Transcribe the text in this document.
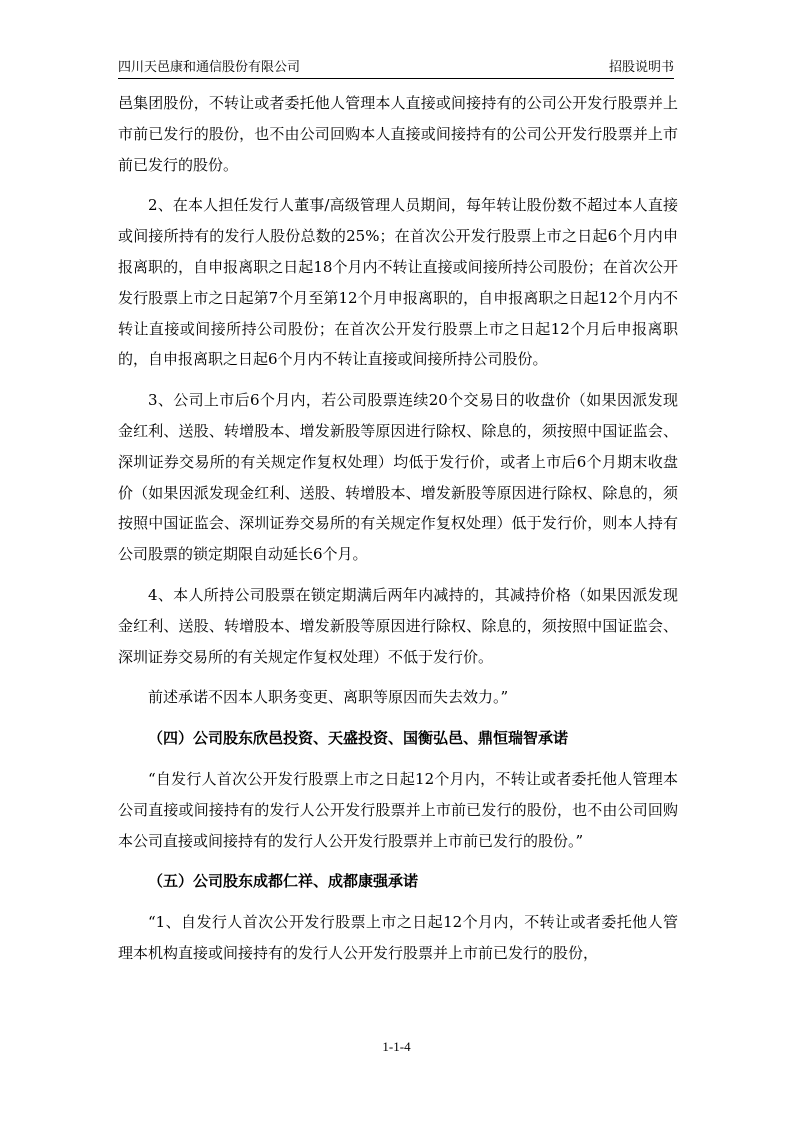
四川天邑康和通信股份有限公司	招股说明书

邑集团股份，不转让或者委托他人管理本人直接或间接持有的公司公开发行股票并上市前已发行的股份，也不由公司回购本人直接或间接持有的公司公开发行股票并上市前已发行的股份。

2、在本人担任发行人董事/高级管理人员期间，每年转让股份数不超过本人直接或间接所持有的发行人股份总数的25%；在首次公开发行股票上市之日起6个月内申报离职的，自申报离职之日起18个月内不转让直接或间接所持公司股份；在首次公开发行股票上市之日起第7个月至第12个月申报离职的，自申报离职之日起12个月内不转让直接或间接所持公司股份；在首次公开发行股票上市之日起12个月后申报离职的，自申报离职之日起6个月内不转让直接或间接所持公司股份。

3、公司上市后6个月内，若公司股票连续20个交易日的收盘价（如果因派发现金红利、送股、转增股本、增发新股等原因进行除权、除息的，须按照中国证监会、深圳证券交易所的有关规定作复权处理）均低于发行价，或者上市后6个月期末收盘价（如果因派发现金红利、送股、转增股本、增发新股等原因进行除权、除息的，须按照中国证监会、深圳证券交易所的有关规定作复权处理）低于发行价，则本人持有公司股票的锁定期限自动延长6个月。

4、本人所持公司股票在锁定期满后两年内减持的，其减持价格（如果因派发现金红利、送股、转增股本、增发新股等原因进行除权、除息的，须按照中国证监会、深圳证券交易所的有关规定作复权处理）不低于发行价。

前述承诺不因本人职务变更、离职等原因而失去效力。”

（四）公司股东欣邑投资、天盛投资、国衡弘邑、鼎恒瑞智承诺

“自发行人首次公开发行股票上市之日起12个月内，不转让或者委托他人管理本公司直接或间接持有的发行人公开发行股票并上市前已发行的股份，也不由公司回购本公司直接或间接持有的发行人公开发行股票并上市前已发行的股份。”

（五）公司股东成都仁祥、成都康强承诺

“1、自发行人首次公开发行股票上市之日起12个月内，不转让或者委托他人管理本机构直接或间接持有的发行人公开发行股票并上市前已发行的股份，

1-1-4
